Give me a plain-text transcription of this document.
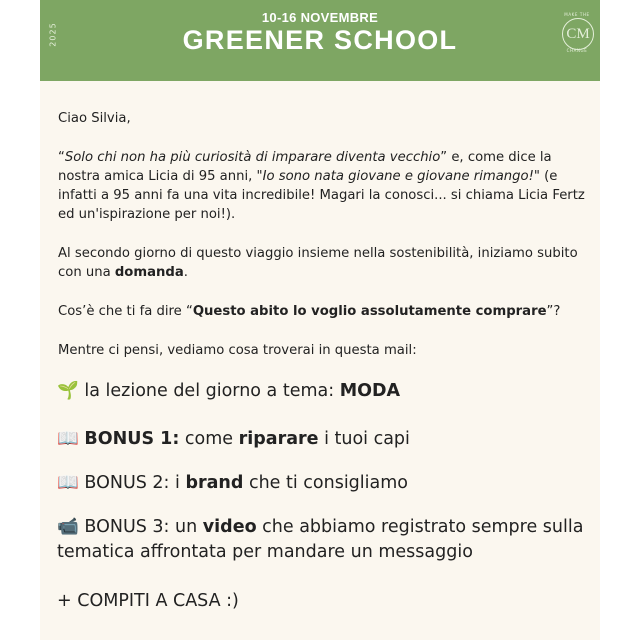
2025
10-16 NOVEMBRE
GREENER SCHOOL
MAKE THE
CM
CHANGE

Ciao Silvia,

“Solo chi non ha più curiosità di imparare diventa vecchio” e, come dice la nostra amica Licia di 95 anni, "Io sono nata giovane e giovane rimango!" (e infatti a 95 anni fa una vita incredibile! Magari la conosci... si chiama Licia Fertz ed un'ispirazione per noi!).

Al secondo giorno di questo viaggio insieme nella sostenibilità, iniziamo subito con una domanda.

Cos’è che ti fa dire “Questo abito lo voglio assolutamente comprare”?

Mentre ci pensi, vediamo cosa troverai in questa mail:

🌱 la lezione del giorno a tema: MODA

📖 BONUS 1: come riparare i tuoi capi

📖 BONUS 2: i brand che ti consigliamo

📹 BONUS 3: un video che abbiamo registrato sempre sulla tematica affrontata per mandare un messaggio

+ COMPITI A CASA :)
